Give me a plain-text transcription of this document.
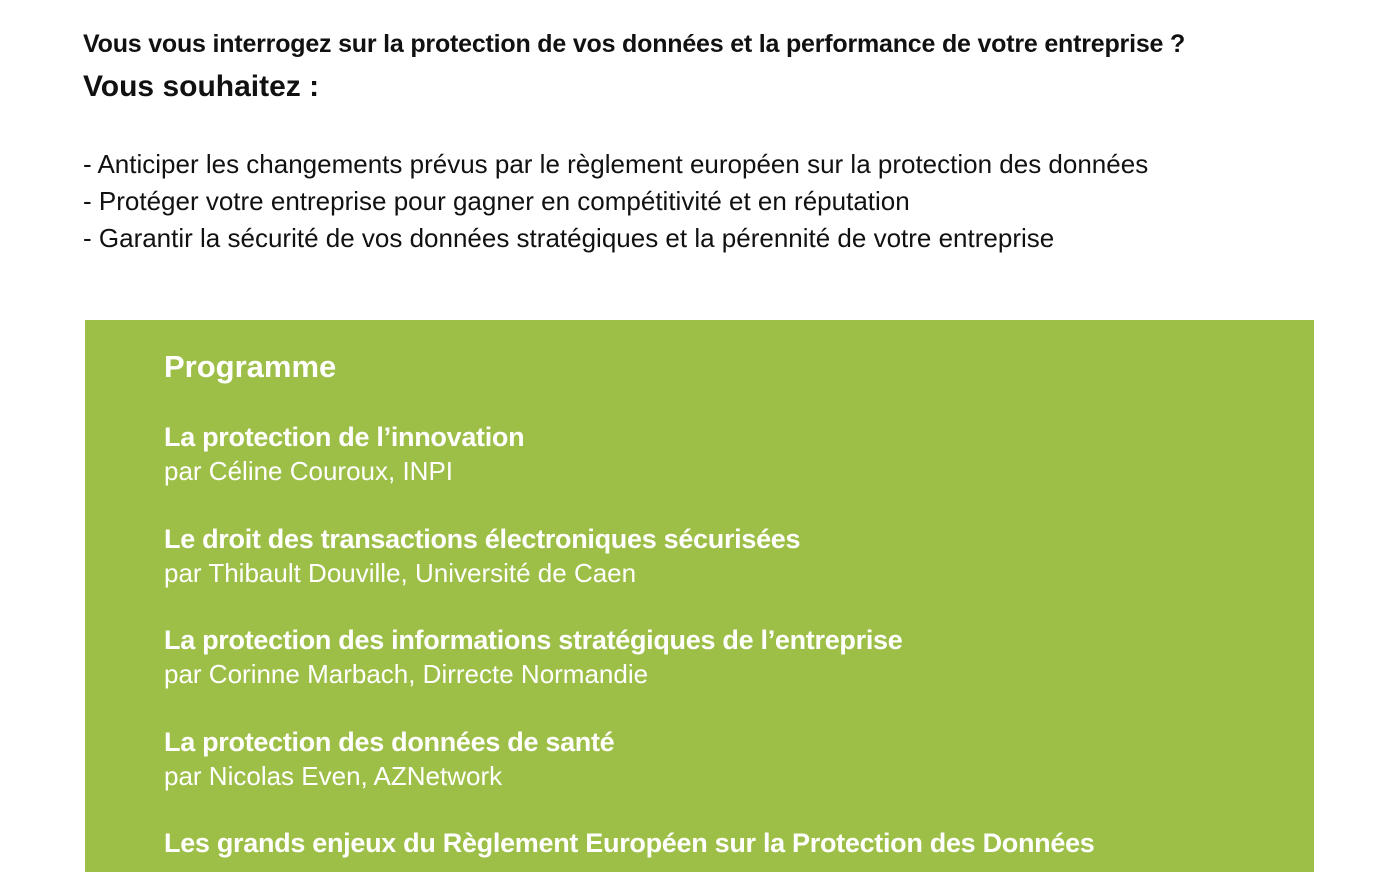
Vous vous interrogez sur la protection de vos données et la performance de votre entreprise ?
Vous souhaitez :
- Anticiper les changements prévus par le règlement européen sur la protection des données
- Protéger votre entreprise pour gagner en compétitivité et en réputation
- Garantir la sécurité de vos données stratégiques et la pérennité de votre entreprise
Programme
La protection de l’innovation
par Céline Couroux, INPI
Le droit des transactions électroniques sécurisées
par Thibault Douville, Université de Caen
La protection des informations stratégiques de l’entreprise
par Corinne Marbach, Dirrecte Normandie
La protection des données de santé
par Nicolas Even, AZNetwork
Les grands enjeux du Règlement Européen sur la Protection des Données
